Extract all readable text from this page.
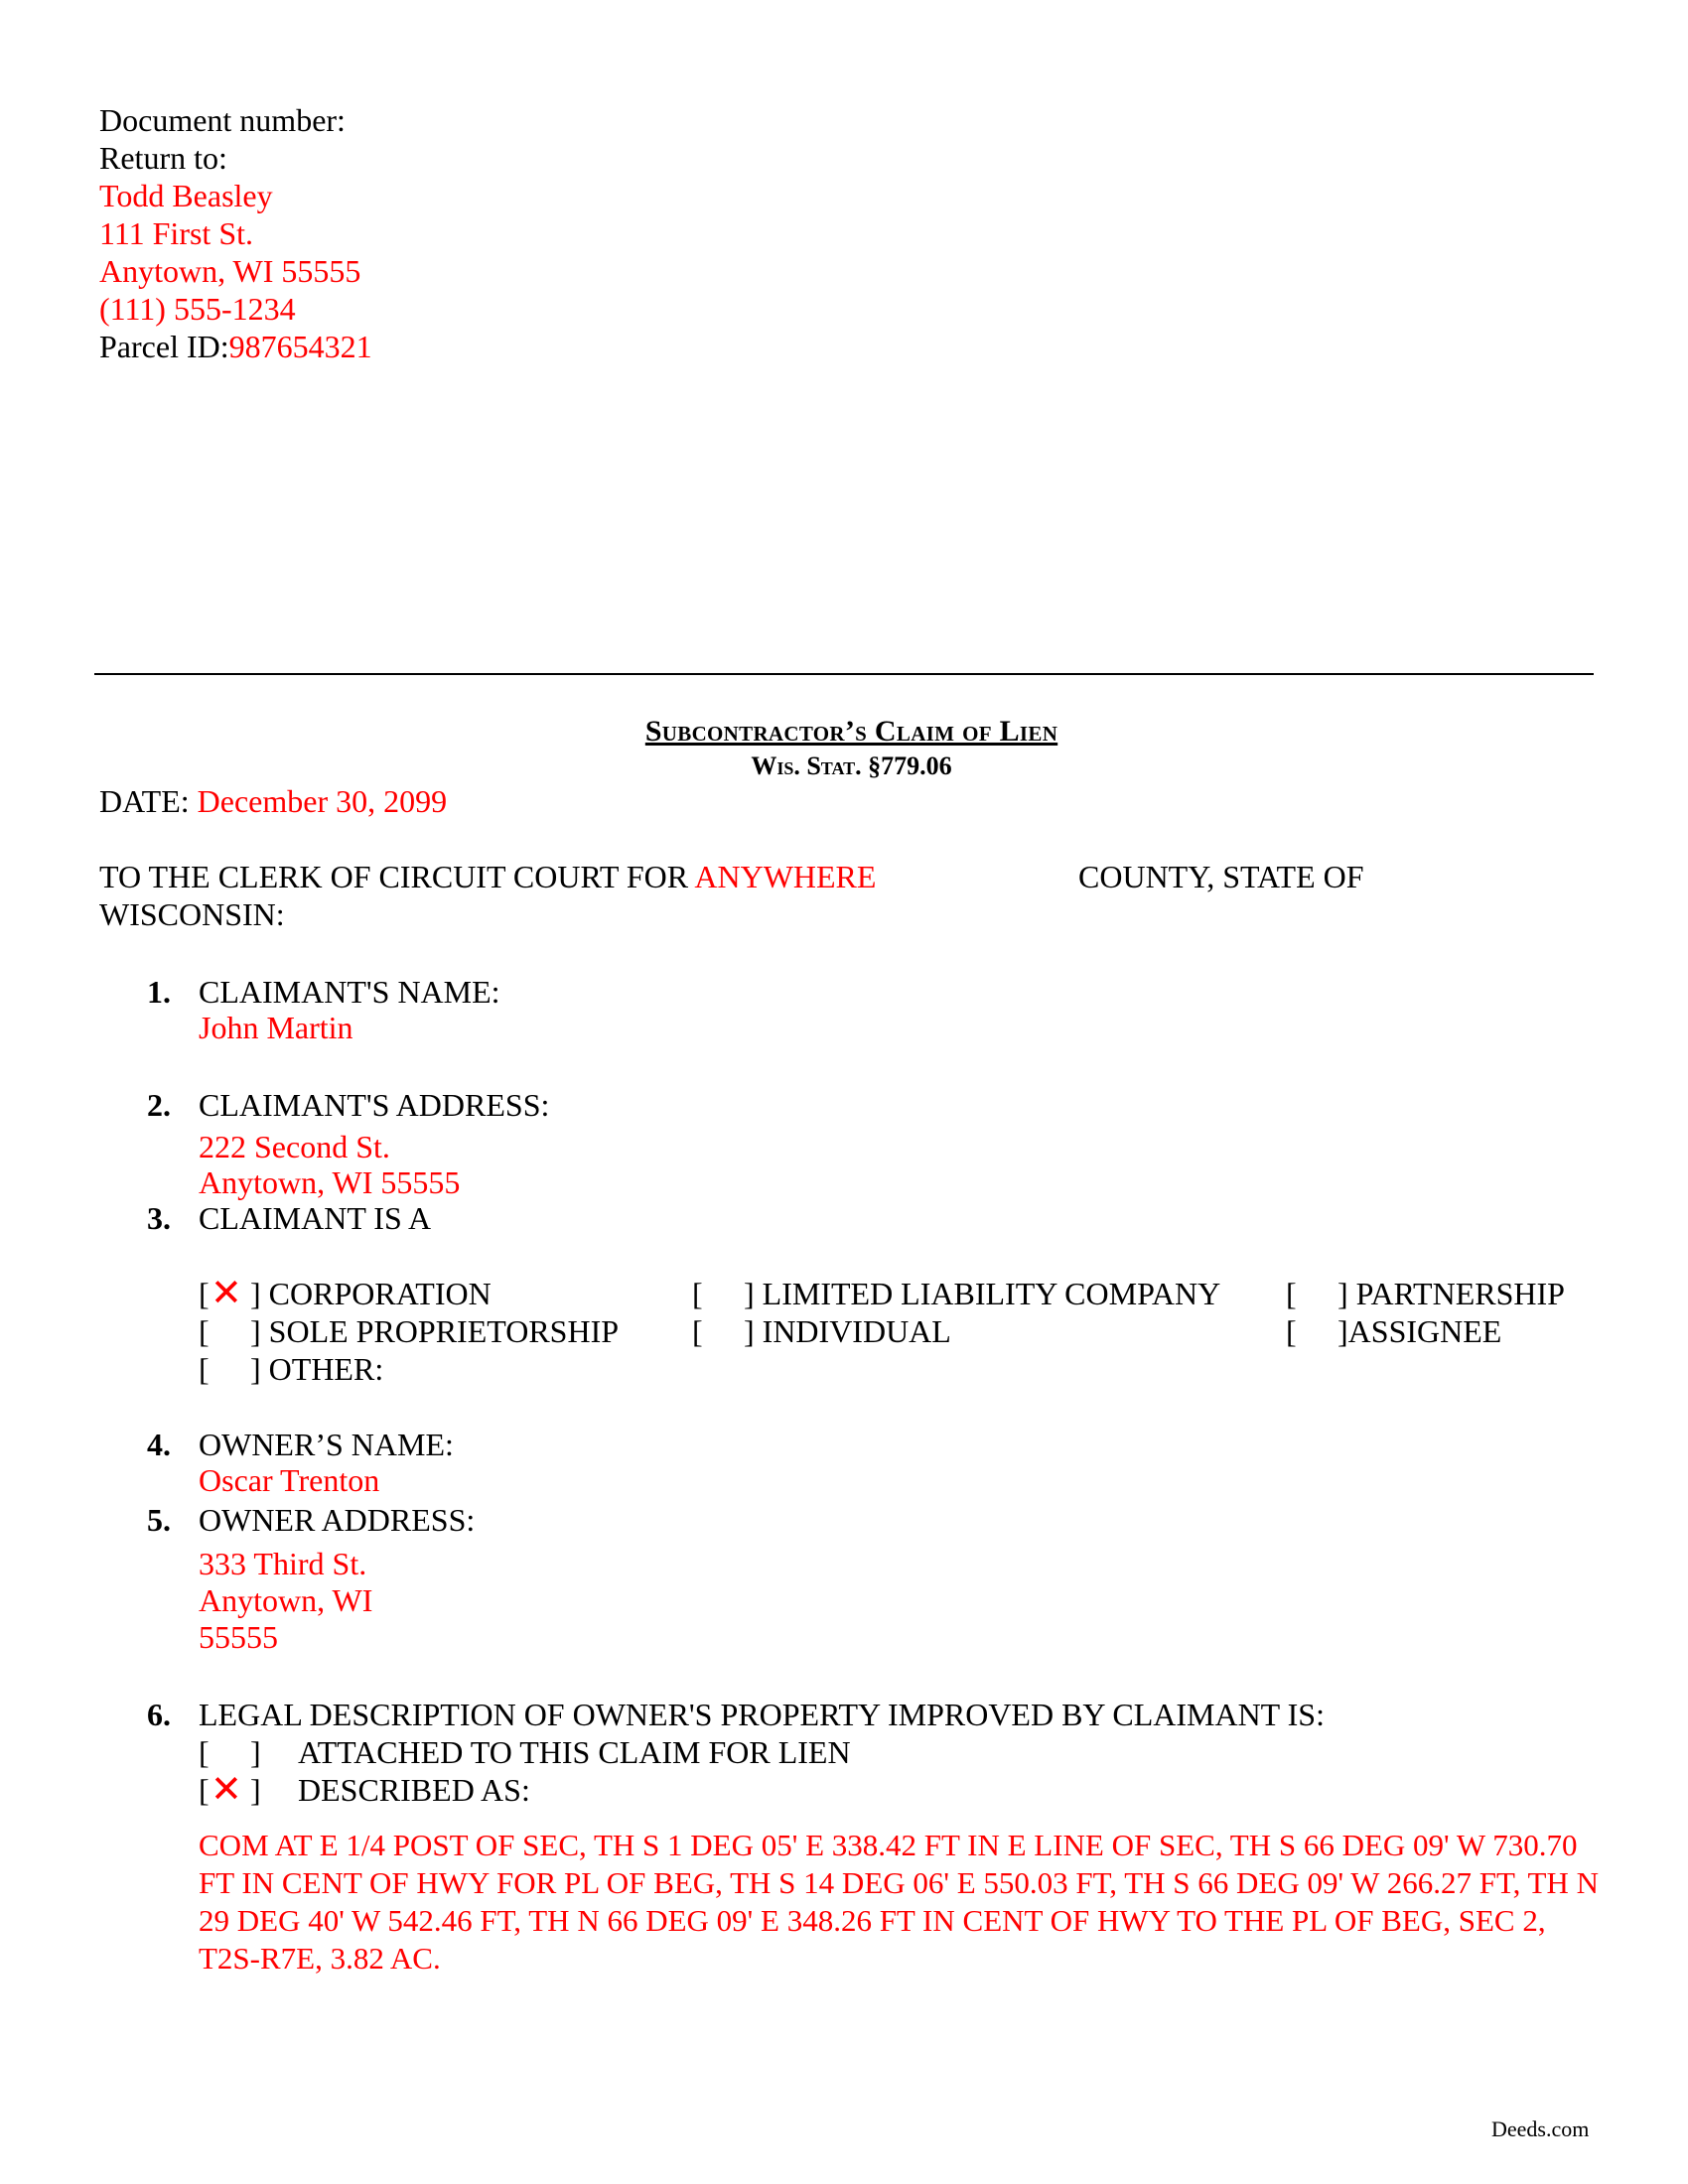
Document number:
Return to:
Todd Beasley
111 First St.
Anytown, WI 55555
(111) 555-1234
Parcel ID:987654321
Subcontractor’s Claim of Lien
Wis. Stat. §779.06
DATE: December 30, 2099
TO THE CLERK OF CIRCUIT COURT FOR ANYWHERE	COUNTY, STATE OF
WISCONSIN:
1. CLAIMANT'S NAME:
John Martin
2. CLAIMANT'S ADDRESS:
222 Second St.
Anytown, WI 55555
3. CLAIMANT IS A
[ ✕ ] CORPORATION	[ ] LIMITED LIABILITY COMPANY [ ] PARTNERSHIP
[ ] SOLE PROPRIETORSHIP [ ] INDIVIDUAL	[ ]ASSIGNEE
[ ] OTHER:
4. OWNER’S NAME:
Oscar Trenton
5. OWNER ADDRESS:
333 Third St.
Anytown, WI
55555
6. LEGAL DESCRIPTION OF OWNER'S PROPERTY IMPROVED BY CLAIMANT IS:
[ ] ATTACHED TO THIS CLAIM FOR LIEN
[ ✕ ] DESCRIBED AS:
COM AT E 1/4 POST OF SEC, TH S 1 DEG 05' E 338.42 FT IN E LINE OF SEC, TH S 66 DEG 09' W 730.70 FT IN CENT OF HWY FOR PL OF BEG, TH S 14 DEG 06' E 550.03 FT, TH S 66 DEG 09' W 266.27 FT, TH N 29 DEG 40' W 542.46 FT, TH N 66 DEG 09' E 348.26 FT IN CENT OF HWY TO THE PL OF BEG, SEC 2, T2S-R7E, 3.82 AC.
Deeds.com
